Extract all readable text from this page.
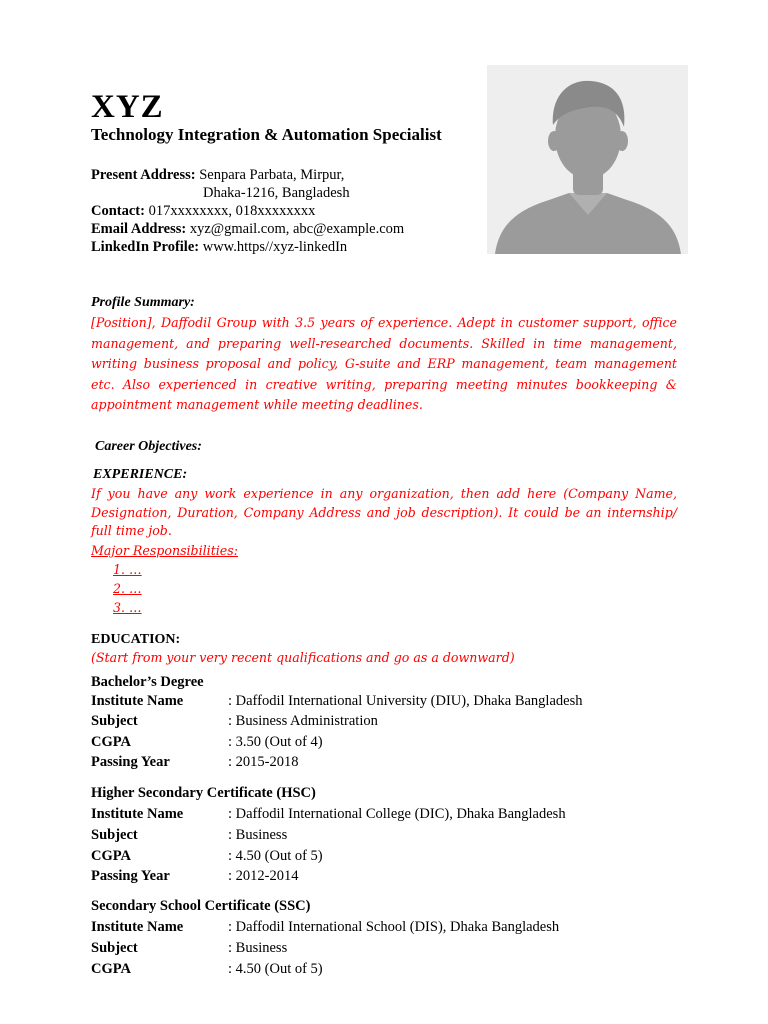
XYZ
Technology Integration & Automation Specialist
Present Address: Senpara Parbata, Mirpur,
Dhaka-1216, Bangladesh
Contact: 017xxxxxxxx, 018xxxxxxxx
Email Address: xyz@gmail.com, abc@example.com
LinkedIn Profile: www.https//xyz-linkedIn
Profile Summary:
[Position], Daffodil Group with 3.5 years of experience. Adept in customer support, office management, and preparing well-researched documents. Skilled in time management, writing business proposal and policy, G-suite and ERP management, team management etc. Also experienced in creative writing, preparing meeting minutes bookkeeping & appointment management while meeting deadlines.
Career Objectives:
EXPERIENCE:
If you have any work experience in any organization, then add here (Company Name, Designation, Duration, Company Address and job description). It could be an internship/ full time job.
Major Responsibilities:
1. …
2. …
3. …
EDUCATION:
(Start from your very recent qualifications and go as a downward)
Bachelor’s Degree
Institute Name	: Daffodil International University (DIU), Dhaka Bangladesh
Subject	: Business Administration
CGPA	: 3.50 (Out of 4)
Passing Year	: 2015-2018
Higher Secondary Certificate (HSC)
Institute Name	: Daffodil International College (DIC), Dhaka Bangladesh
Subject	: Business
CGPA	: 4.50 (Out of 5)
Passing Year	: 2012-2014
Secondary School Certificate (SSC)
Institute Name	: Daffodil International School (DIS), Dhaka Bangladesh
Subject	: Business
CGPA	: 4.50 (Out of 5)
